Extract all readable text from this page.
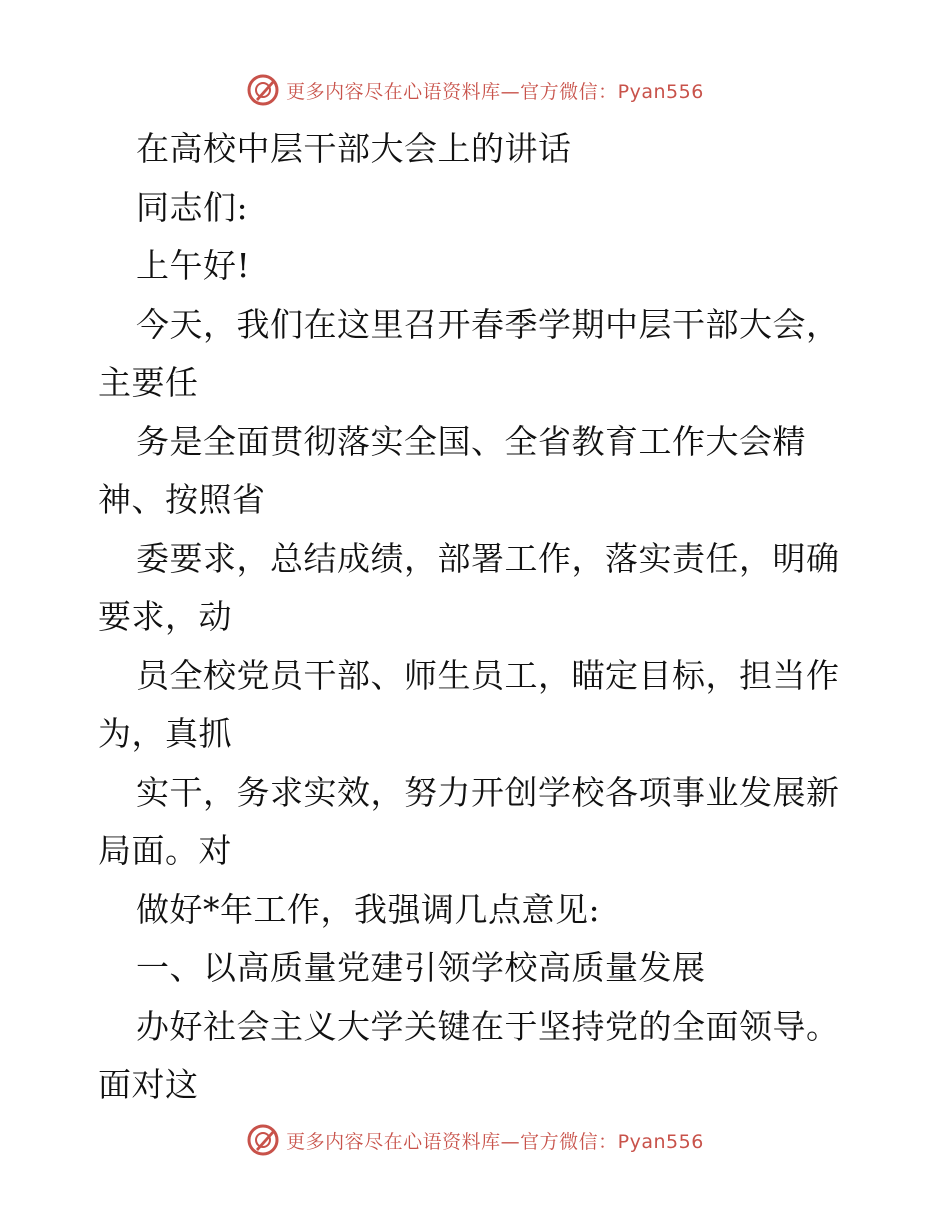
更多内容尽在心语资料库—官方微信：Pyan556
在高校中层干部大会上的讲话
同志们:
上午好!
今天，我们在这里召开春季学期中层干部大会，
主要任
务是全面贯彻落实全国、全省教育工作大会精
神、按照省
委要求，总结成绩，部署工作，落实责任，明确
要求，动
员全校党员干部、师生员工，瞄定目标，担当作
为，真抓
实干，务求实效，努力开创学校各项事业发展新
局面。对
做好*年工作，我强调几点意见:
一、以高质量党建引领学校高质量发展
办好社会主义大学关键在于坚持党的全面领导。
面对这
更多内容尽在心语资料库—官方微信：Pyan556
